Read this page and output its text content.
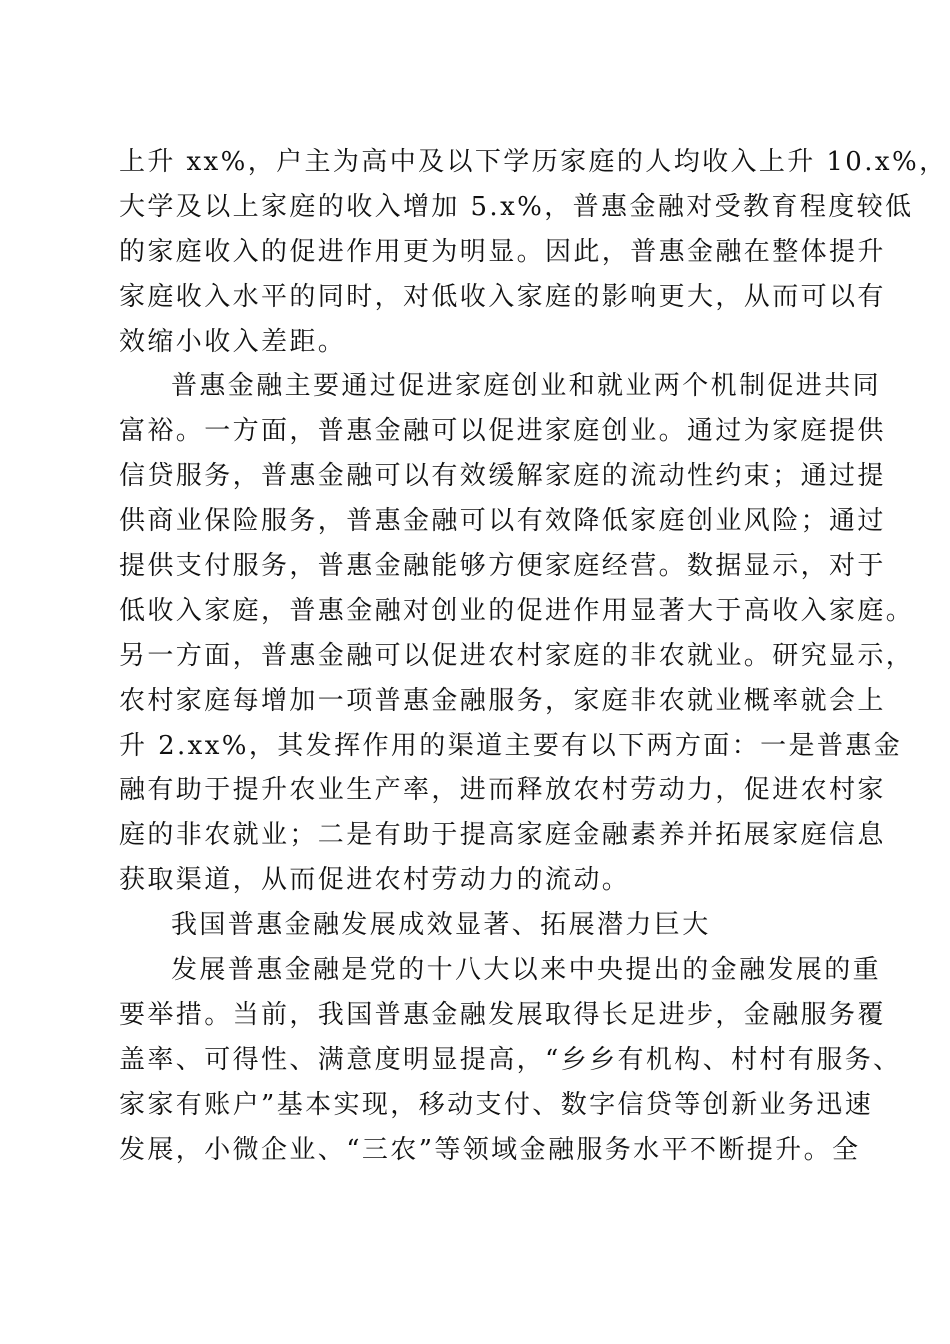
上升 xx%，户主为高中及以下学历家庭的人均收入上升 10.x%，
大学及以上家庭的收入增加 5.x%，普惠金融对受教育程度较低
的家庭收入的促进作用更为明显。因此，普惠金融在整体提升
家庭收入水平的同时，对低收入家庭的影响更大，从而可以有
效缩小收入差距。
普惠金融主要通过促进家庭创业和就业两个机制促进共同
富裕。一方面，普惠金融可以促进家庭创业。通过为家庭提供
信贷服务，普惠金融可以有效缓解家庭的流动性约束；通过提
供商业保险服务，普惠金融可以有效降低家庭创业风险；通过
提供支付服务，普惠金融能够方便家庭经营。数据显示，对于
低收入家庭，普惠金融对创业的促进作用显著大于高收入家庭。
另一方面，普惠金融可以促进农村家庭的非农就业。研究显示，
农村家庭每增加一项普惠金融服务，家庭非农就业概率就会上
升 2.xx%，其发挥作用的渠道主要有以下两方面：一是普惠金
融有助于提升农业生产率，进而释放农村劳动力，促进农村家
庭的非农就业；二是有助于提高家庭金融素养并拓展家庭信息
获取渠道，从而促进农村劳动力的流动。
我国普惠金融发展成效显著、拓展潜力巨大
发展普惠金融是党的十八大以来中央提出的金融发展的重
要举措。当前，我国普惠金融发展取得长足进步，金融服务覆
盖率、可得性、满意度明显提高，“乡乡有机构、村村有服务、
家家有账户”基本实现，移动支付、数字信贷等创新业务迅速
发展，小微企业、“三农”等领域金融服务水平不断提升。全
